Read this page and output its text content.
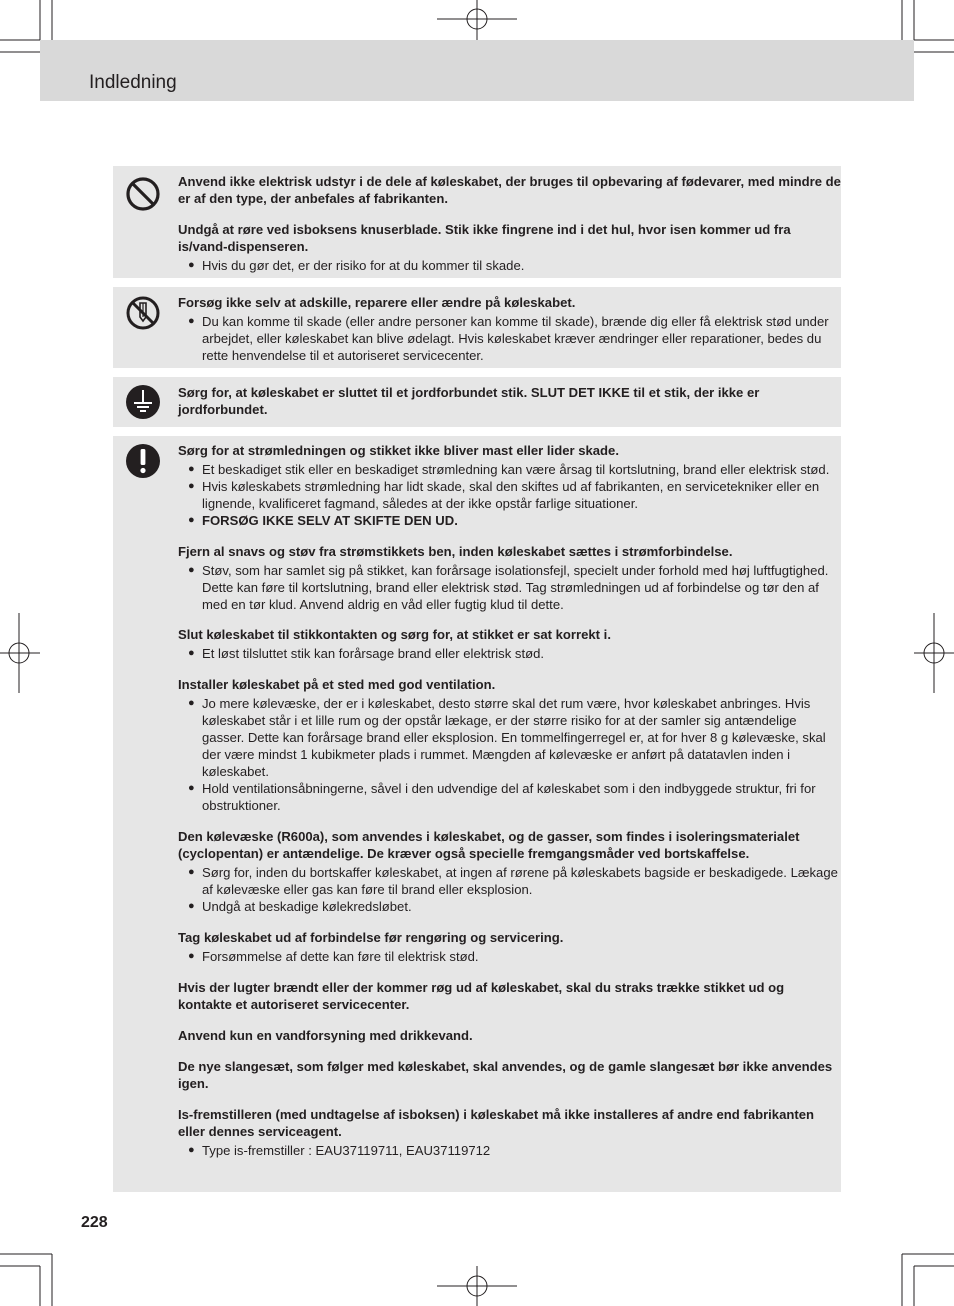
Indledning
Anvend ikke elektrisk udstyr i de dele af køleskabet, der bruges til opbevaring af fødevarer, med mindre de er af den type, der anbefales af fabrikanten.
Undgå at røre ved isboksens knuserblade. Stik ikke fingrene ind i det hul, hvor isen kommer ud fra is/vand-dispenseren.
● Hvis du gør det, er der risiko for at du kommer til skade.
Forsøg ikke selv at adskille, reparere eller ændre på køleskabet.
● Du kan komme til skade (eller andre personer kan komme til skade), brænde dig eller få elektrisk stød under arbejdet, eller køleskabet kan blive ødelagt. Hvis køleskabet kræver ændringer eller reparationer, bedes du rette henvendelse til et autoriseret servicecenter.
Sørg for, at køleskabet er sluttet til et jordforbundet stik. SLUT DET IKKE til et stik, der ikke er jordforbundet.
Sørg for at strømledningen og stikket ikke bliver mast eller lider skade.
● Et beskadiget stik eller en beskadiget strømledning kan være årsag til kortslutning, brand eller elektrisk stød.
● Hvis køleskabets strømledning har lidt skade, skal den skiftes ud af fabrikanten, en servicetekniker eller en lignende, kvalificeret fagmand, således at der ikke opstår farlige situationer.
● FORSØG IKKE SELV AT SKIFTE DEN UD.
Fjern al snavs og støv fra strømstikkets ben, inden køleskabet sættes i strømforbindelse.
● Støv, som har samlet sig på stikket, kan forårsage isolationsfejl, specielt under forhold med høj luftfugtighed. Dette kan føre til kortslutning, brand eller elektrisk stød. Tag strømledningen ud af forbindelse og tør den af med en tør klud. Anvend aldrig en våd eller fugtig klud til dette.
Slut køleskabet til stikkontakten og sørg for, at stikket er sat korrekt i.
● Et løst tilsluttet stik kan forårsage brand eller elektrisk stød.
Installer køleskabet på et sted med god ventilation.
● Jo mere kølevæske, der er i køleskabet, desto større skal det rum være, hvor køleskabet anbringes. Hvis køleskabet står i et lille rum og der opstår lækage, er der større risiko for at der samler sig antændelige gasser. Dette kan forårsage brand eller eksplosion. En tommelfingerregel er, at for hver 8 g kølevæske, skal der være mindst 1 kubikmeter plads i rummet. Mængden af kølevæske er anført på datatavlen inden i køleskabet.
● Hold ventilationsåbningerne, såvel i den udvendige del af køleskabet som i den indbyggede struktur, fri for obstruktioner.
Den kølevæske (R600a), som anvendes i køleskabet, og de gasser, som findes i isoleringsmaterialet (cyclopentan) er antændelige. De kræver også specielle fremgangsmåder ved bortskaffelse.
● Sørg for, inden du bortskaffer køleskabet, at ingen af rørene på køleskabets bagside er beskadigede. Lækage af kølevæske eller gas kan føre til brand eller eksplosion.
● Undgå at beskadige kølekredsløbet.
Tag køleskabet ud af forbindelse før rengøring og servicering.
● Forsømmelse af dette kan føre til elektrisk stød.
Hvis der lugter brændt eller der kommer røg ud af køleskabet, skal du straks trække stikket ud og kontakte et autoriseret servicecenter.
Anvend kun en vandforsyning med drikkevand.
De nye slangesæt, som følger med køleskabet, skal anvendes, og de gamle slangesæt bør ikke anvendes igen.
Is-fremstilleren (med undtagelse af isboksen) i køleskabet må ikke installeres af andre end fabrikanten eller dennes serviceagent.
● Type is-fremstiller : EAU37119711, EAU37119712
228
